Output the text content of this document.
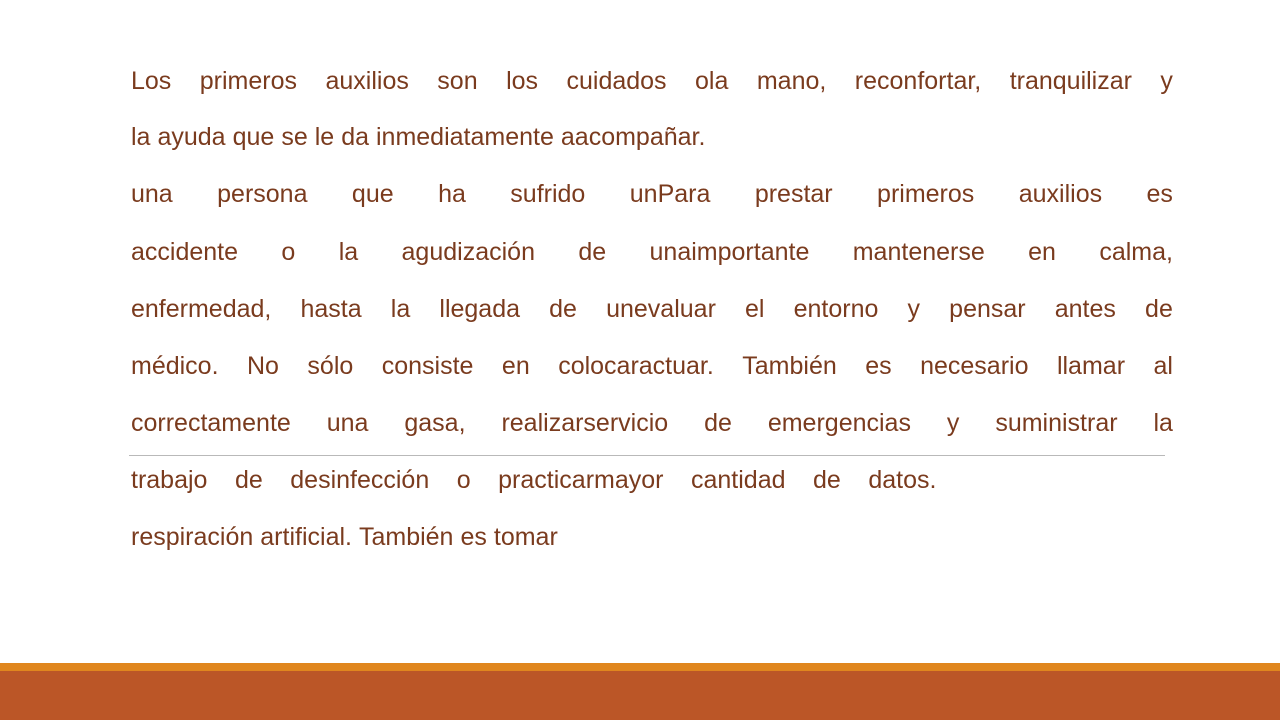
Los primeros auxilios son los cuidados ola mano, reconfortar, tranquilizar y
la ayuda que se le da inmediatamente aacompañar.
una persona que ha sufrido unPara prestar primeros auxilios es
accidente o la agudización de unaimportante mantenerse en calma,
enfermedad, hasta la llegada de unevaluar el entorno y pensar antes de
médico. No sólo consiste en colocaractuar. También es necesario llamar al
correctamente una gasa, realizarservicio de emergencias y suministrar la
trabajo de desinfección o practicarmayor cantidad de datos.
respiración artificial. También es tomar
